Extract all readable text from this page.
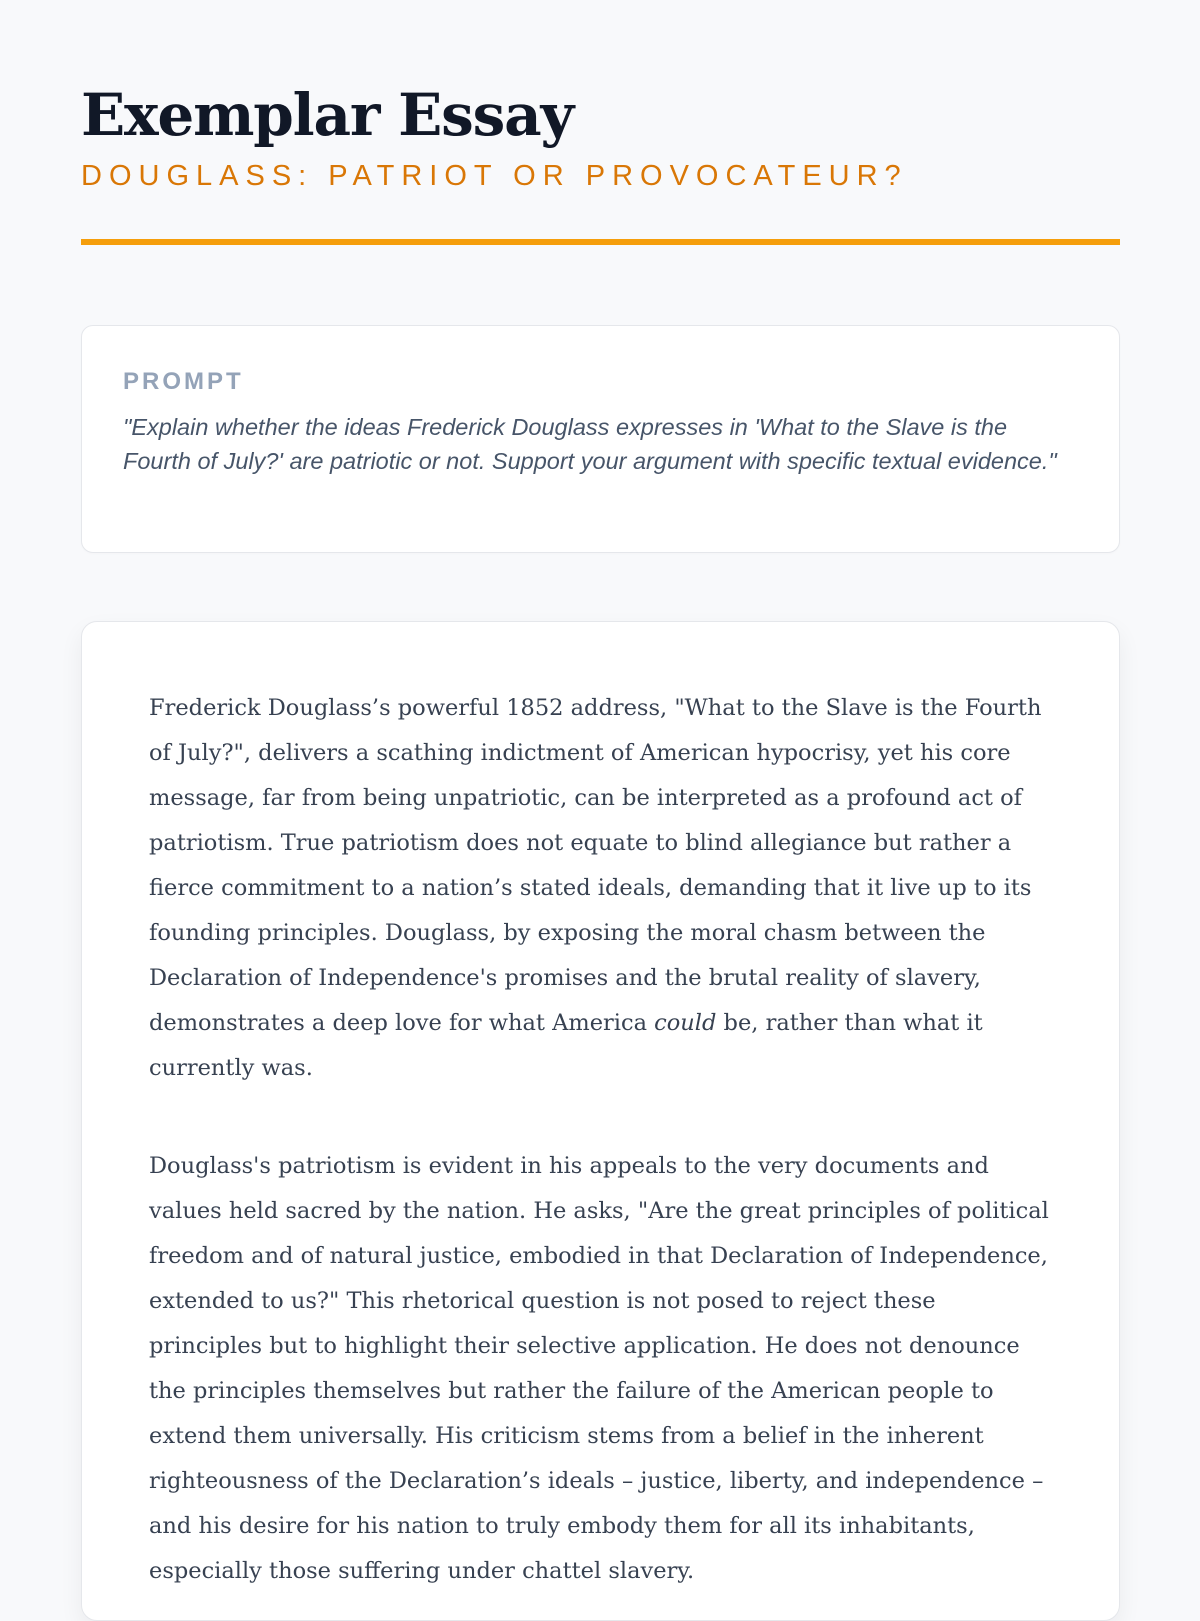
Exemplar Essay
DOUGLASS: PATRIOT OR PROVOCATEUR?
PROMPT
"Explain whether the ideas Frederick Douglass expresses in 'What to the Slave is the Fourth of July?' are patriotic or not. Support your argument with specific textual evidence."

Frederick Douglass’s powerful 1852 address, "What to the Slave is the Fourth of July?", delivers a scathing indictment of American hypocrisy, yet his core message, far from being unpatriotic, can be interpreted as a profound act of patriotism. True patriotism does not equate to blind allegiance but rather a fierce commitment to a nation’s stated ideals, demanding that it live up to its founding principles. Douglass, by exposing the moral chasm between the Declaration of Independence's promises and the brutal reality of slavery, demonstrates a deep love for what America could be, rather than what it currently was.

Douglass's patriotism is evident in his appeals to the very documents and values held sacred by the nation. He asks, "Are the great principles of political freedom and of natural justice, embodied in that Declaration of Independence, extended to us?" This rhetorical question is not posed to reject these principles but to highlight their selective application. He does not denounce the principles themselves but rather the failure of the American people to extend them universally. His criticism stems from a belief in the inherent righteousness of the Declaration’s ideals – justice, liberty, and independence – and his desire for his nation to truly embody them for all its inhabitants, especially those suffering under chattel slavery.
